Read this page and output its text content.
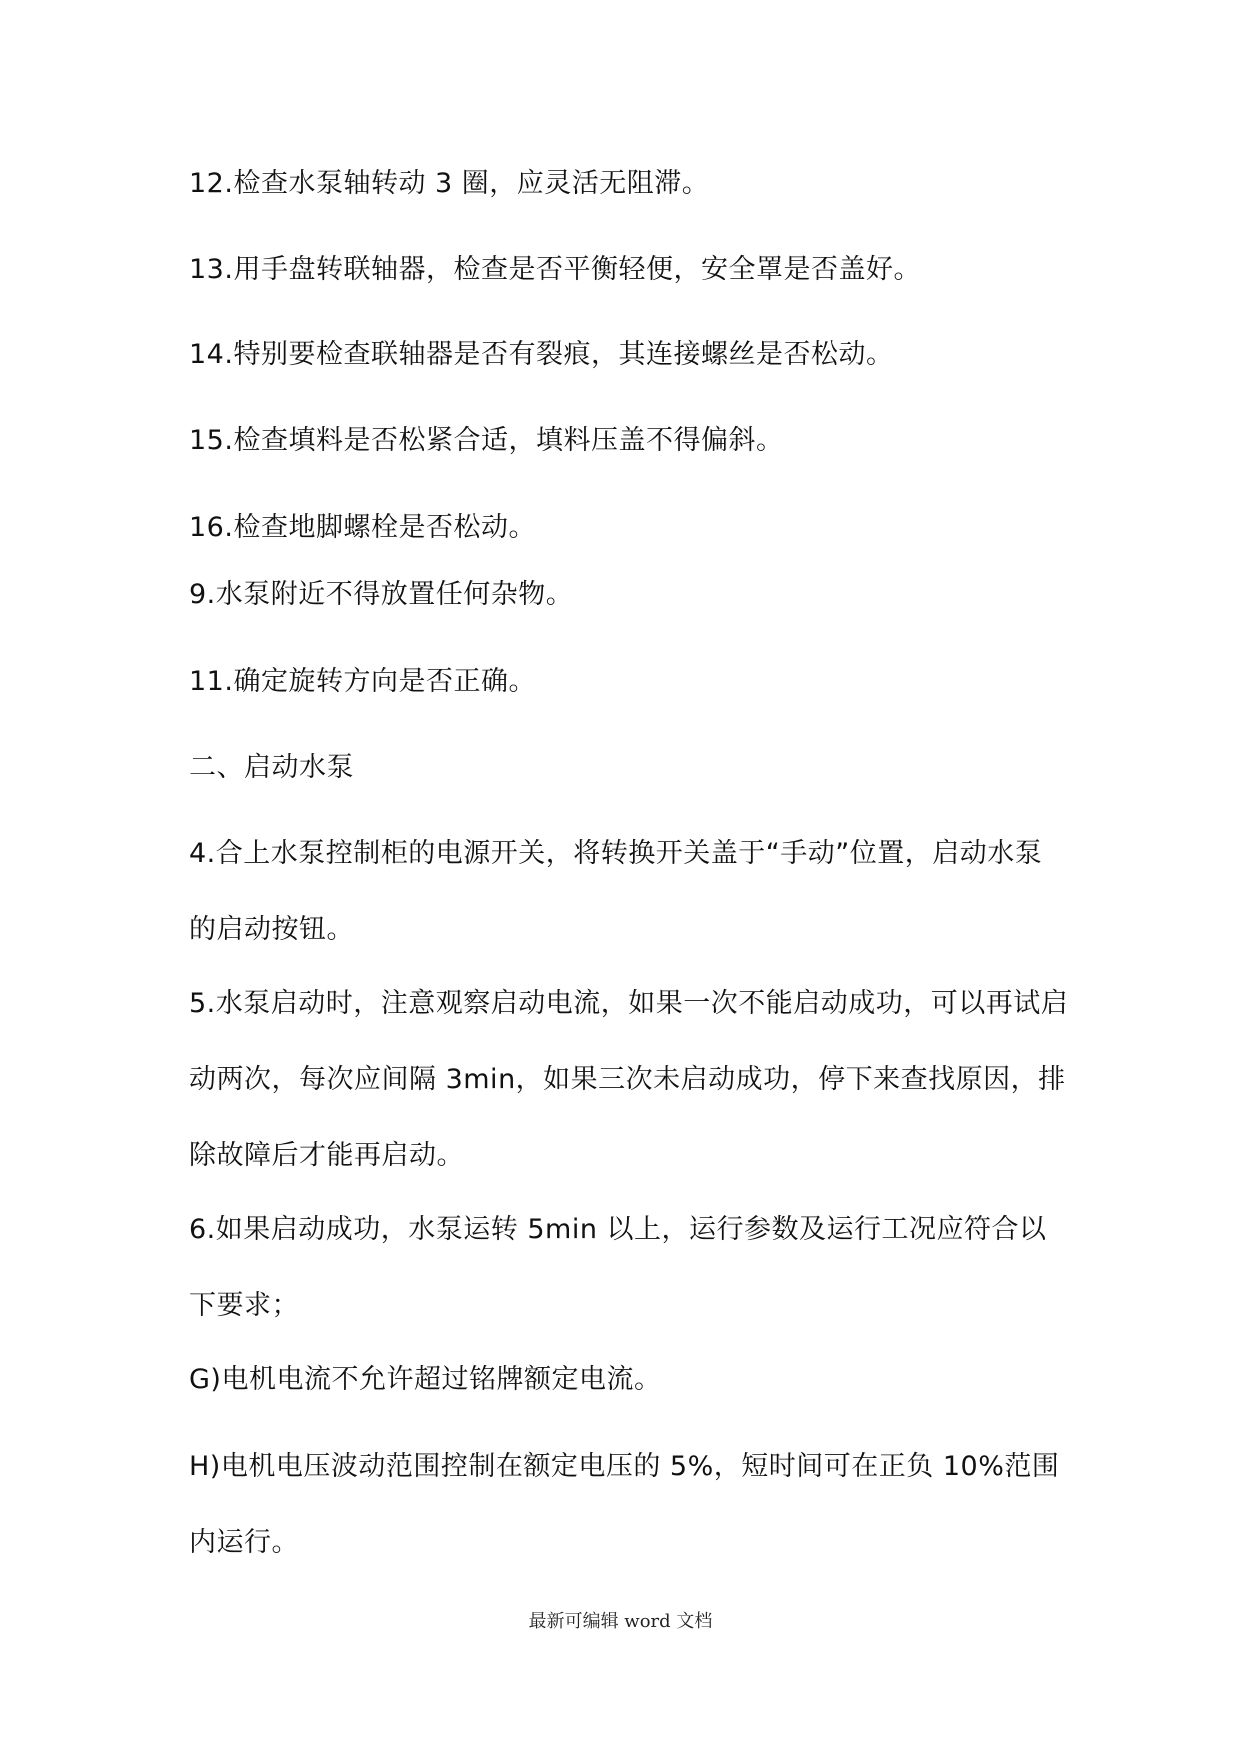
12.检查水泵轴转动 3 圈，应灵活无阻滞。

13.用手盘转联轴器，检查是否平衡轻便，安全罩是否盖好。

14.特别要检查联轴器是否有裂痕，其连接螺丝是否松动。

15.检查填料是否松紧合适，填料压盖不得偏斜。

16.检查地脚螺栓是否松动。

9.水泵附近不得放置任何杂物。

11.确定旋转方向是否正确。

二、启动水泵

4.合上水泵控制柜的电源开关，将转换开关盖于“手动”位置，启动水泵的启动按钮。

5.水泵启动时，注意观察启动电流，如果一次不能启动成功，可以再试启动两次，每次应间隔 3min，如果三次未启动成功，停下来查找原因，排除故障后才能再启动。

6.如果启动成功，水泵运转 5min 以上，运行参数及运行工况应符合以下要求；

G)电机电流不允许超过铭牌额定电流。

H)电机电压波动范围控制在额定电压的 5%，短时间可在正负 10%范围内运行。

最新可编辑 word 文档
